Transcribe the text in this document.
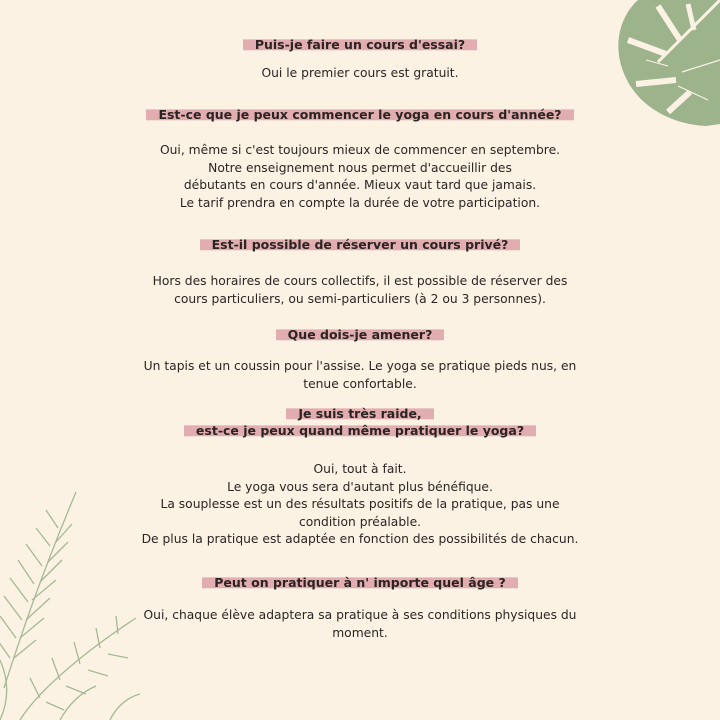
Puis-je faire un cours d'essai?

Oui le premier cours est gratuit.

Est-ce que je peux commencer le yoga en cours d'année?

Oui, même si c'est toujours mieux de commencer en septembre.

Notre enseignement nous permet d'accueillir des

débutants en cours d'année. Mieux vaut tard que jamais.

Le tarif prendra en compte la durée de votre participation.

Est-il possible de réserver un cours privé?

Hors des horaires de cours collectifs, il est possible de réserver des

cours particuliers, ou semi-particuliers (à 2 ou 3 personnes).

Que dois-je amener?

Un tapis et un coussin pour l'assise. Le yoga se pratique pieds nus, en

tenue confortable.

Je suis très raide,
est-ce je peux quand même pratiquer le yoga?

Oui, tout à fait.

Le yoga vous sera d'autant plus bénéfique.

La souplesse est un des résultats positifs de la pratique, pas une

condition préalable.

De plus la pratique est adaptée en fonction des possibilités de chacun.

Peut on pratiquer à n' importe quel âge ?

Oui, chaque élève adaptera sa pratique à ses conditions physiques du

moment.
